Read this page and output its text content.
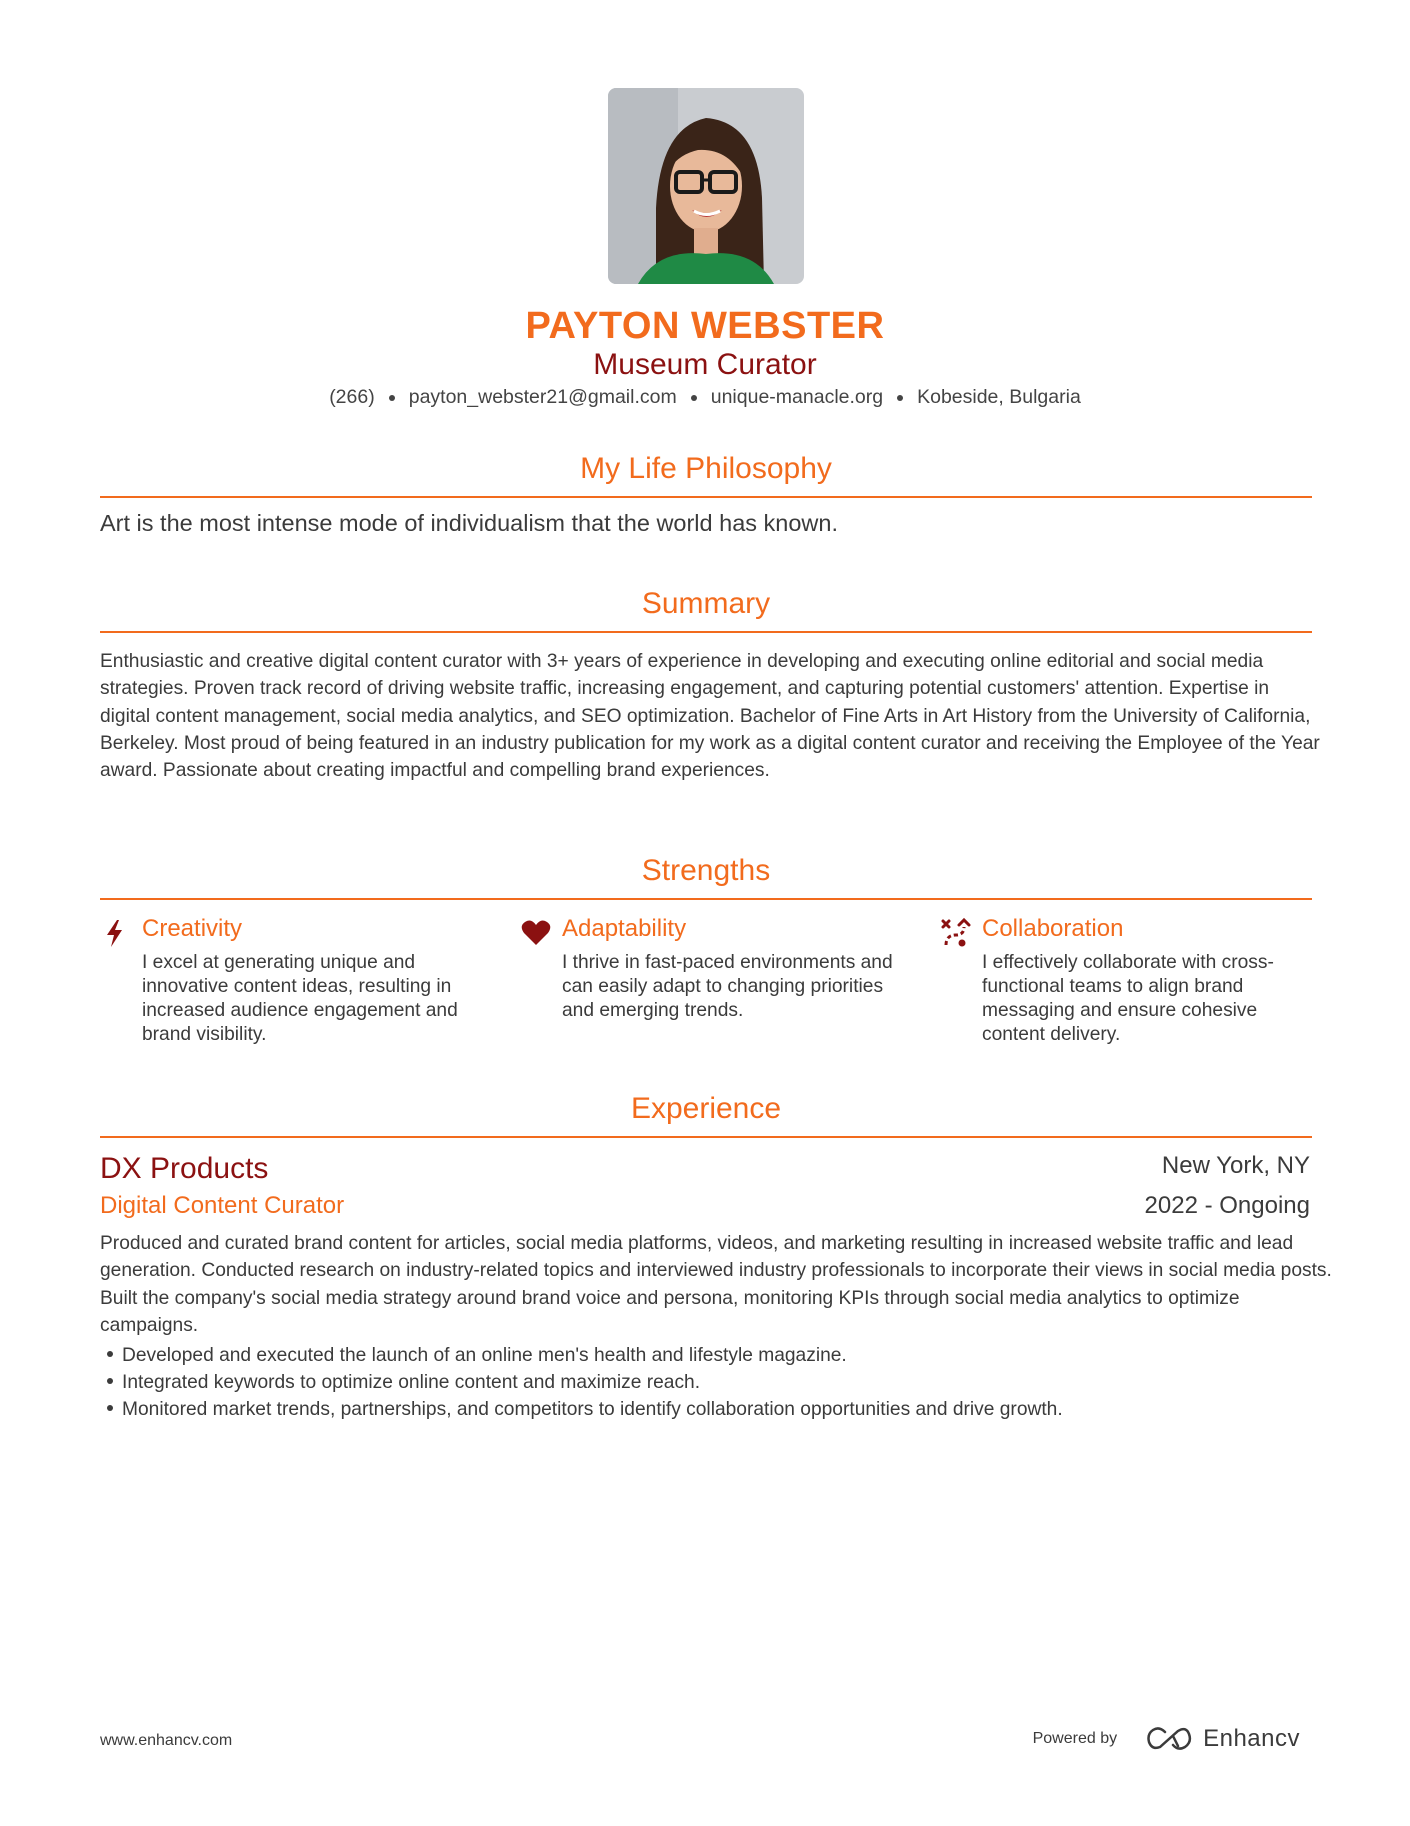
PAYTON WEBSTER
Museum Curator
(266) payton_webster21@gmail.com unique-manacle.org Kobeside, Bulgaria
My Life Philosophy
Art is the most intense mode of individualism that the world has known.
Summary
Enthusiastic and creative digital content curator with 3+ years of experience in developing and executing online editorial and social media strategies. Proven track record of driving website traffic, increasing engagement, and capturing potential customers' attention. Expertise in digital content management, social media analytics, and SEO optimization. Bachelor of Fine Arts in Art History from the University of California, Berkeley. Most proud of being featured in an industry publication for my work as a digital content curator and receiving the Employee of the Year award. Passionate about creating impactful and compelling brand experiences.
Strengths
Creativity
I excel at generating unique and innovative content ideas, resulting in increased audience engagement and brand visibility.
Adaptability
I thrive in fast-paced environments and can easily adapt to changing priorities and emerging trends.
Collaboration
I effectively collaborate with cross-functional teams to align brand messaging and ensure cohesive content delivery.
Experience
DX Products	New York, NY
Digital Content Curator	2022 - Ongoing
Produced and curated brand content for articles, social media platforms, videos, and marketing resulting in increased website traffic and lead generation. Conducted research on industry-related topics and interviewed industry professionals to incorporate their views in social media posts. Built the company's social media strategy around brand voice and persona, monitoring KPIs through social media analytics to optimize campaigns.
Developed and executed the launch of an online men's health and lifestyle magazine.
Integrated keywords to optimize online content and maximize reach.
Monitored market trends, partnerships, and competitors to identify collaboration opportunities and drive growth.
www.enhancv.com	Powered by	Enhancv
